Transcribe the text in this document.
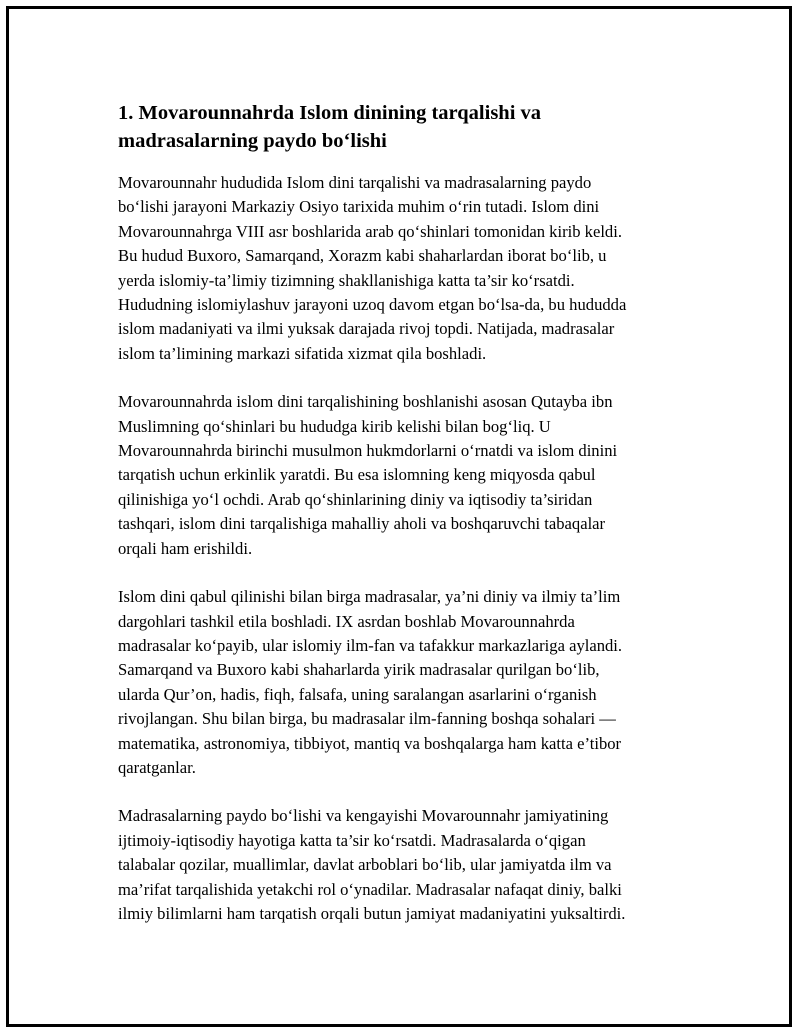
1. Movarounnahrda Islom dinining tarqalishi va
madrasalarning paydo bo‘lishi

Movarounnahr hududida Islom dini tarqalishi va madrasalarning paydo
bo‘lishi jarayoni Markaziy Osiyo tarixida muhim o‘rin tutadi. Islom dini
Movarounnahrga VIII asr boshlarida arab qo‘shinlari tomonidan kirib keldi.
Bu hudud Buxoro, Samarqand, Xorazm kabi shaharlardan iborat bo‘lib, u
yerda islomiy-ta’limiy tizimning shakllanishiga katta ta’sir ko‘rsatdi.
Hududning islomiylashuv jarayoni uzoq davom etgan bo‘lsa-da, bu hududda
islom madaniyati va ilmi yuksak darajada rivoj topdi. Natijada, madrasalar
islom ta’limining markazi sifatida xizmat qila boshladi.

Movarounnahrda islom dini tarqalishining boshlanishi asosan Qutayba ibn
Muslimning qo‘shinlari bu hududga kirib kelishi bilan bog‘liq. U
Movarounnahrda birinchi musulmon hukmdorlarni o‘rnatdi va islom dinini
tarqatish uchun erkinlik yaratdi. Bu esa islomning keng miqyosda qabul
qilinishiga yo‘l ochdi. Arab qo‘shinlarining diniy va iqtisodiy ta’siridan
tashqari, islom dini tarqalishiga mahalliy aholi va boshqaruvchi tabaqalar
orqali ham erishildi.

Islom dini qabul qilinishi bilan birga madrasalar, ya’ni diniy va ilmiy ta’lim
dargohlari tashkil etila boshladi. IX asrdan boshlab Movarounnahrda
madrasalar ko‘payib, ular islomiy ilm-fan va tafakkur markazlariga aylandi.
Samarqand va Buxoro kabi shaharlarda yirik madrasalar qurilgan bo‘lib,
ularda Qur’on, hadis, fiqh, falsafa, uning saralangan asarlarini o‘rganish
rivojlangan. Shu bilan birga, bu madrasalar ilm-fanning boshqa sohalari —
matematika, astronomiya, tibbiyot, mantiq va boshqalarga ham katta e’tibor
qaratganlar.

Madrasalarning paydo bo‘lishi va kengayishi Movarounnahr jamiyatining
ijtimoiy-iqtisodiy hayotiga katta ta’sir ko‘rsatdi. Madrasalarda o‘qigan
talabalar qozilar, muallimlar, davlat arboblari bo‘lib, ular jamiyatda ilm va
ma’rifat tarqalishida yetakchi rol o‘ynadilar. Madrasalar nafaqat diniy, balki
ilmiy bilimlarni ham tarqatish orqali butun jamiyat madaniyatini yuksaltirdi.
